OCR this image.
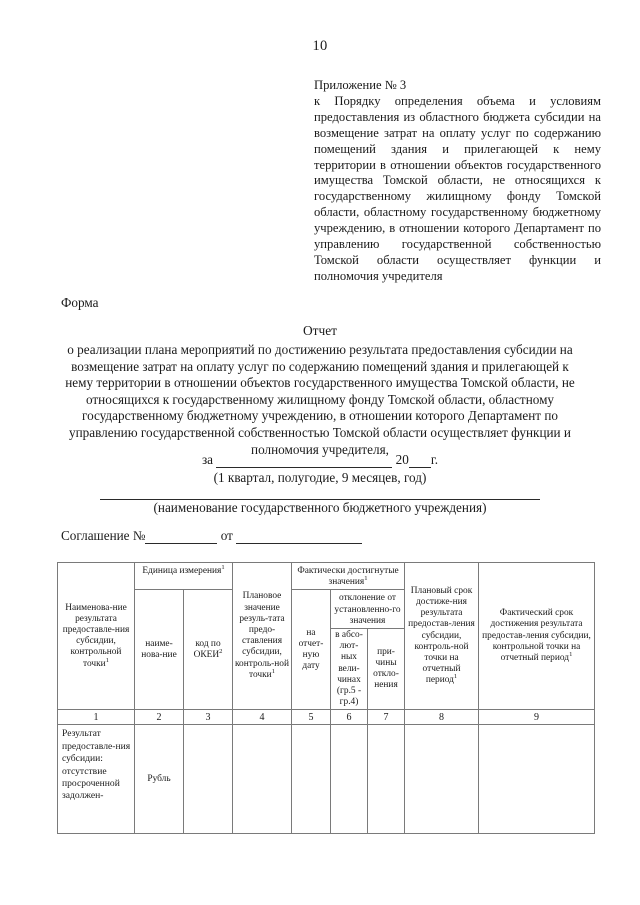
10
Приложение № 3
к Порядку определения объема и условиям предоставления из областного бюджета субсидии на возмещение затрат на оплату услуг по содержанию помещений здания и прилегающей к нему территории в отношении объектов государственного имущества Томской области, не относящихся к государственному жилищному фонду Томской области, областному государственному бюджетному учреждению, в отношении которого Департамент по управлению государственной собственностью Томской области осуществляет функции и полномочия учредителя
Форма
Отчет
о реализации плана мероприятий по достижению результата предоставления субсидии на возмещение затрат на оплату услуг по содержанию помещений здания и прилегающей к нему территории в отношении объектов государственного имущества Томской области, не относящихся к государственному жилищному фонду Томской области, областному государственному бюджетному учреждению, в отношении которого Департамент по управлению государственной собственностью Томской области осуществляет функции и полномочия учредителя,
за	20 г.
(1 квартал, полугодие, 9 месяцев, год)
(наименование государственного бюджетного учреждения)
Соглашение №	от
Наименова-ние результата предоставле-ния субсидии, контрольной точки$^1$	Единица измерения$^1$		Плановое значение резуль-тата предо-ставления субсидии, контроль-ной точки$^1$	Фактически достигнутые значения$^1$			Плановый срок достиже-ния результата предостав-ления субсидии, контроль-ной точки на отчетный период$^1$	Фактический срок достижения результата предостав-ления субсидии, контрольной точки на отчетный период$^1$
	наиме-нова-ние	код по ОКЕИ$^2$		на отчет-ную дату	отклонение от установленно-го значения			
					в абсо-лют-ных вели-чинах (гр.5 - гр.4)	при-чины откло-нения		
1	2	3	4	5	6	7	8	9
Результат предоставле-ния субсидии: отсутствие просроченной задолжен-	Рубль							
